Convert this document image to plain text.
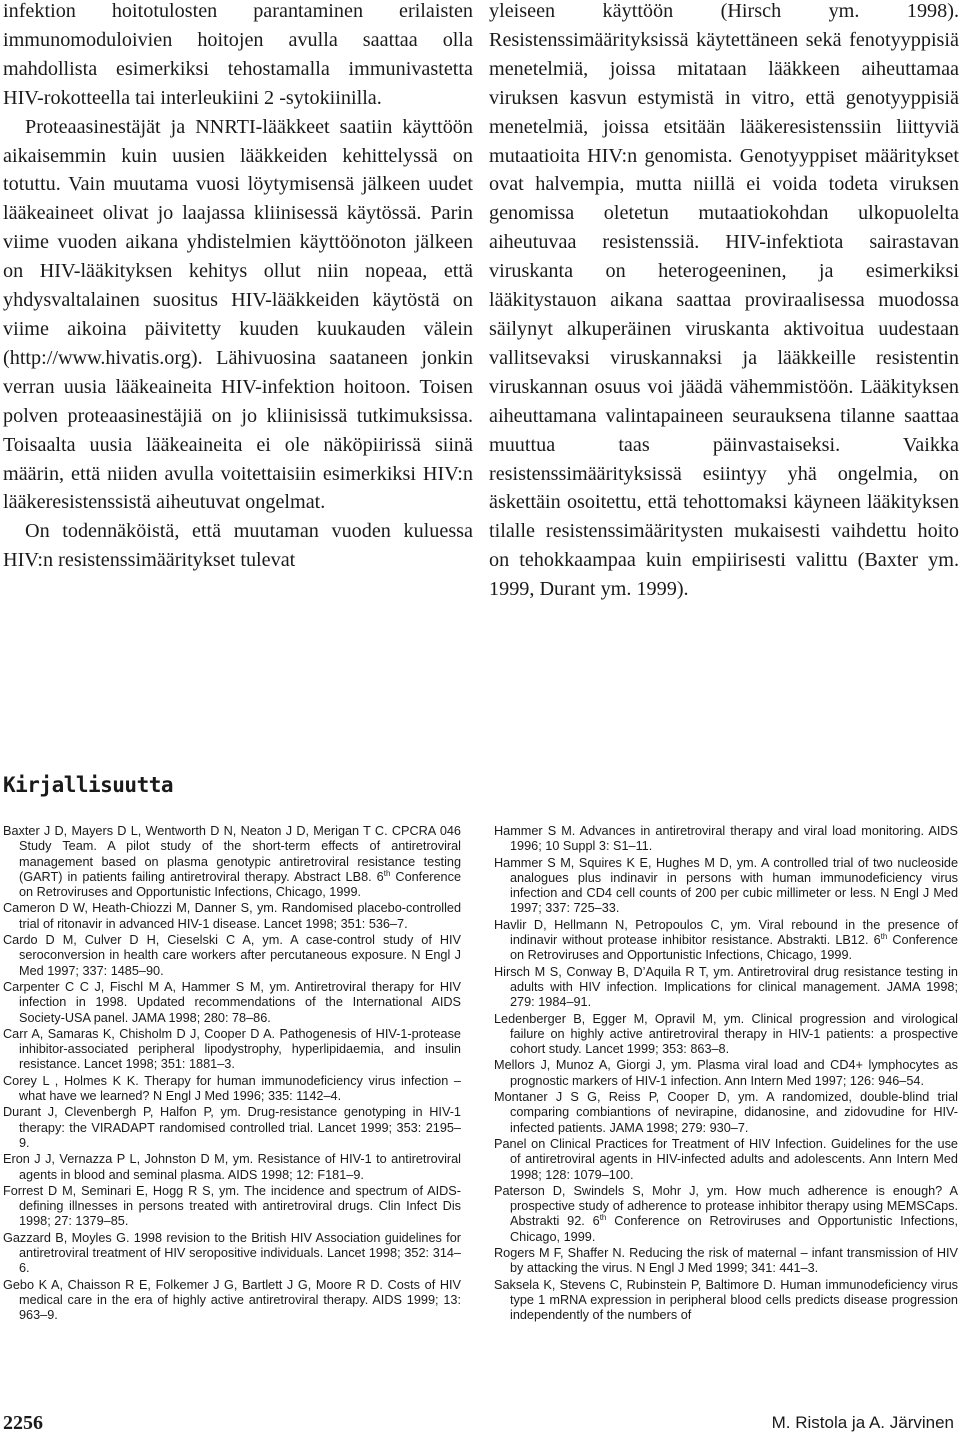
infektion hoitotulosten parantaminen erilaisten immunomoduloivien hoitojen avulla saattaa olla mahdollista esimerkiksi tehostamalla immunivastetta HIV-rokotteella tai interleukiini 2 -sytokiinilla.

Proteaasinestäjät ja NNRTI-lääkkeet saatiin käyttöön aikaisemmin kuin uusien lääkkeiden kehittelyssä on totuttu. Vain muutama vuosi löytymisensä jälkeen uudet lääkeaineet olivat jo laajassa kliinisessä käytössä. Parin viime vuoden aikana yhdistelmien käyttöönoton jälkeen on HIV-lääkityksen kehitys ollut niin nopeaa, että yhdysvaltalainen suositus HIV-lääkkeiden käytöstä on viime aikoina päivitetty kuuden kuukauden välein (http://www.hivatis.org). Lähivuosina saataneen jonkin verran uusia lääkeaineita HIV-infektion hoitoon. Toisen polven proteaasinestäjiä on jo kliinisissä tutkimuksissa. Toisaalta uusia lääkeaineita ei ole näköpiirissä siinä määrin, että niiden avulla voitettaisiin esimerkiksi HIV:n lääkeresistenssistä aiheutuvat ongelmat.

On todennäköistä, että muutaman vuoden kuluessa HIV:n resistenssimääritykset tulevat

yleiseen käyttöön (Hirsch ym. 1998). Resistenssimäärityksissä käytettäneen sekä fenotyyppisiä menetelmiä, joissa mitataan lääkkeen aiheuttamaa viruksen kasvun estymistä in vitro, että genotyyppisiä menetelmiä, joissa etsitään lääkeresistenssiin liittyviä mutaatioita HIV:n genomista. Genotyyppiset määritykset ovat halvempia, mutta niillä ei voida todeta viruksen genomissa oletetun mutaatiokohdan ulkopuolelta aiheutuvaa resistenssiä. HIV-infektiota sairastavan viruskanta on heterogeeninen, ja esimerkiksi lääkitystauon aikana saattaa proviraalisessa muodossa säilynyt alkuperäinen viruskanta aktivoitua uudestaan vallitsevaksi viruskannaksi ja lääkkeille resistentin viruskannan osuus voi jäädä vähemmistöön. Lääkityksen aiheuttamana valintapaineen seurauksena tilanne saattaa muuttua taas päinvastaiseksi. Vaikka resistenssimäärityksissä esiintyy yhä ongelmia, on äskettäin osoitettu, että tehottomaksi käyneen lääkityksen tilalle resistenssimääritysten mukaisesti vaihdettu hoito on tehokkaampaa kuin empiirisesti valittu (Baxter ym. 1999, Durant ym. 1999).

Kirjallisuutta

Baxter J D, Mayers D L, Wentworth D N, Neaton J D, Merigan T C. CPCRA 046 Study Team. A pilot study of the short-term effects of antiretroviral management based on plasma genotypic antiretroviral resistance testing (GART) in patients failing antiretroviral therapy. Abstract LB8. 6th Conference on Retroviruses and Opportunistic Infections, Chicago, 1999.

Cameron D W, Heath-Chiozzi M, Danner S, ym. Randomised placebo-controlled trial of ritonavir in advanced HIV-1 disease. Lancet 1998; 351: 536–7.

Cardo D M, Culver D H, Cieselski C A, ym. A case-control study of HIV seroconversion in health care workers after percutaneous exposure. N Engl J Med 1997; 337: 1485–90.

Carpenter C C J, Fischl M A, Hammer S M, ym. Antiretroviral therapy for HIV infection in 1998. Updated recommendations of the International AIDS Society-USA panel. JAMA 1998; 280: 78–86.

Carr A, Samaras K, Chisholm D J, Cooper D A. Pathogenesis of HIV-1-protease inhibitor-associated peripheral lipodystrophy, hyperlipidaemia, and insulin resistance. Lancet 1998; 351: 1881–3.

Corey L , Holmes K K. Therapy for human immunodeficiency virus infection – what have we learned? N Engl J Med 1996; 335: 1142–4.

Durant J, Clevenbergh P, Halfon P, ym. Drug-resistance genotyping in HIV-1 therapy: the VIRADAPT randomised controlled trial. Lancet 1999; 353: 2195–9.

Eron J J, Vernazza P L, Johnston D M, ym. Resistance of HIV-1 to antiretroviral agents in blood and seminal plasma. AIDS 1998; 12: F181–9.

Forrest D M, Seminari E, Hogg R S, ym. The incidence and spectrum of AIDS-defining illnesses in persons treated with antiretroviral drugs. Clin Infect Dis 1998; 27: 1379–85.

Gazzard B, Moyles G. 1998 revision to the British HIV Association guidelines for antiretroviral treatment of HIV seropositive individuals. Lancet 1998; 352: 314–6.

Gebo K A, Chaisson R E, Folkemer J G, Bartlett J G, Moore R D. Costs of HIV medical care in the era of highly active antiretroviral therapy. AIDS 1999; 13: 963–9.

Hammer S M. Advances in antiretroviral therapy and viral load monitoring. AIDS 1996; 10 Suppl 3: S1–11.

Hammer S M, Squires K E, Hughes M D, ym. A controlled trial of two nucleoside analogues plus indinavir in persons with human immunodeficiency virus infection and CD4 cell counts of 200 per cubic millimeter or less. N Engl J Med 1997; 337: 725–33.

Havlir D, Hellmann N, Petropoulos C, ym. Viral rebound in the presence of indinavir without protease inhibitor resistance. Abstrakti. LB12. 6th Conference on Retroviruses and Opportunistic Infections, Chicago, 1999.

Hirsch M S, Conway B, D’Aquila R T, ym. Antiretroviral drug resistance testing in adults with HIV infection. Implications for clinical management. JAMA 1998; 279: 1984–91.

Ledenberger B, Egger M, Opravil M, ym. Clinical progression and virological failure on highly active antiretroviral therapy in HIV-1 patients: a prospective cohort study. Lancet 1999; 353: 863–8.

Mellors J, Munoz A, Giorgi J, ym. Plasma viral load and CD4+ lymphocytes as prognostic markers of HIV-1 infection. Ann Intern Med 1997; 126: 946–54.

Montaner J S G, Reiss P, Cooper D, ym. A randomized, double-blind trial comparing combiantions of nevirapine, didanosine, and zidovudine for HIV-infected patients. JAMA 1998; 279: 930–7.

Panel on Clinical Practices for Treatment of HIV Infection. Guidelines for the use of antiretroviral agents in HIV-infected adults and adolescents. Ann Intern Med 1998; 128: 1079–100.

Paterson D, Swindels S, Mohr J, ym. How much adherence is enough? A prospective study of adherence to protease inhibitor therapy using MEMSCaps. Abstrakti 92. 6th Conference on Retroviruses and Opportunistic Infections, Chicago, 1999.

Rogers M F, Shaffer N. Reducing the risk of maternal – infant transmission of HIV by attacking the virus. N Engl J Med 1999; 341: 441–3.

Saksela K, Stevens C, Rubinstein P, Baltimore D. Human immunodeficiency virus type 1 mRNA expression in peripheral blood cells predicts disease progression independently of the numbers of

2256	M. Ristola ja A. Järvinen
